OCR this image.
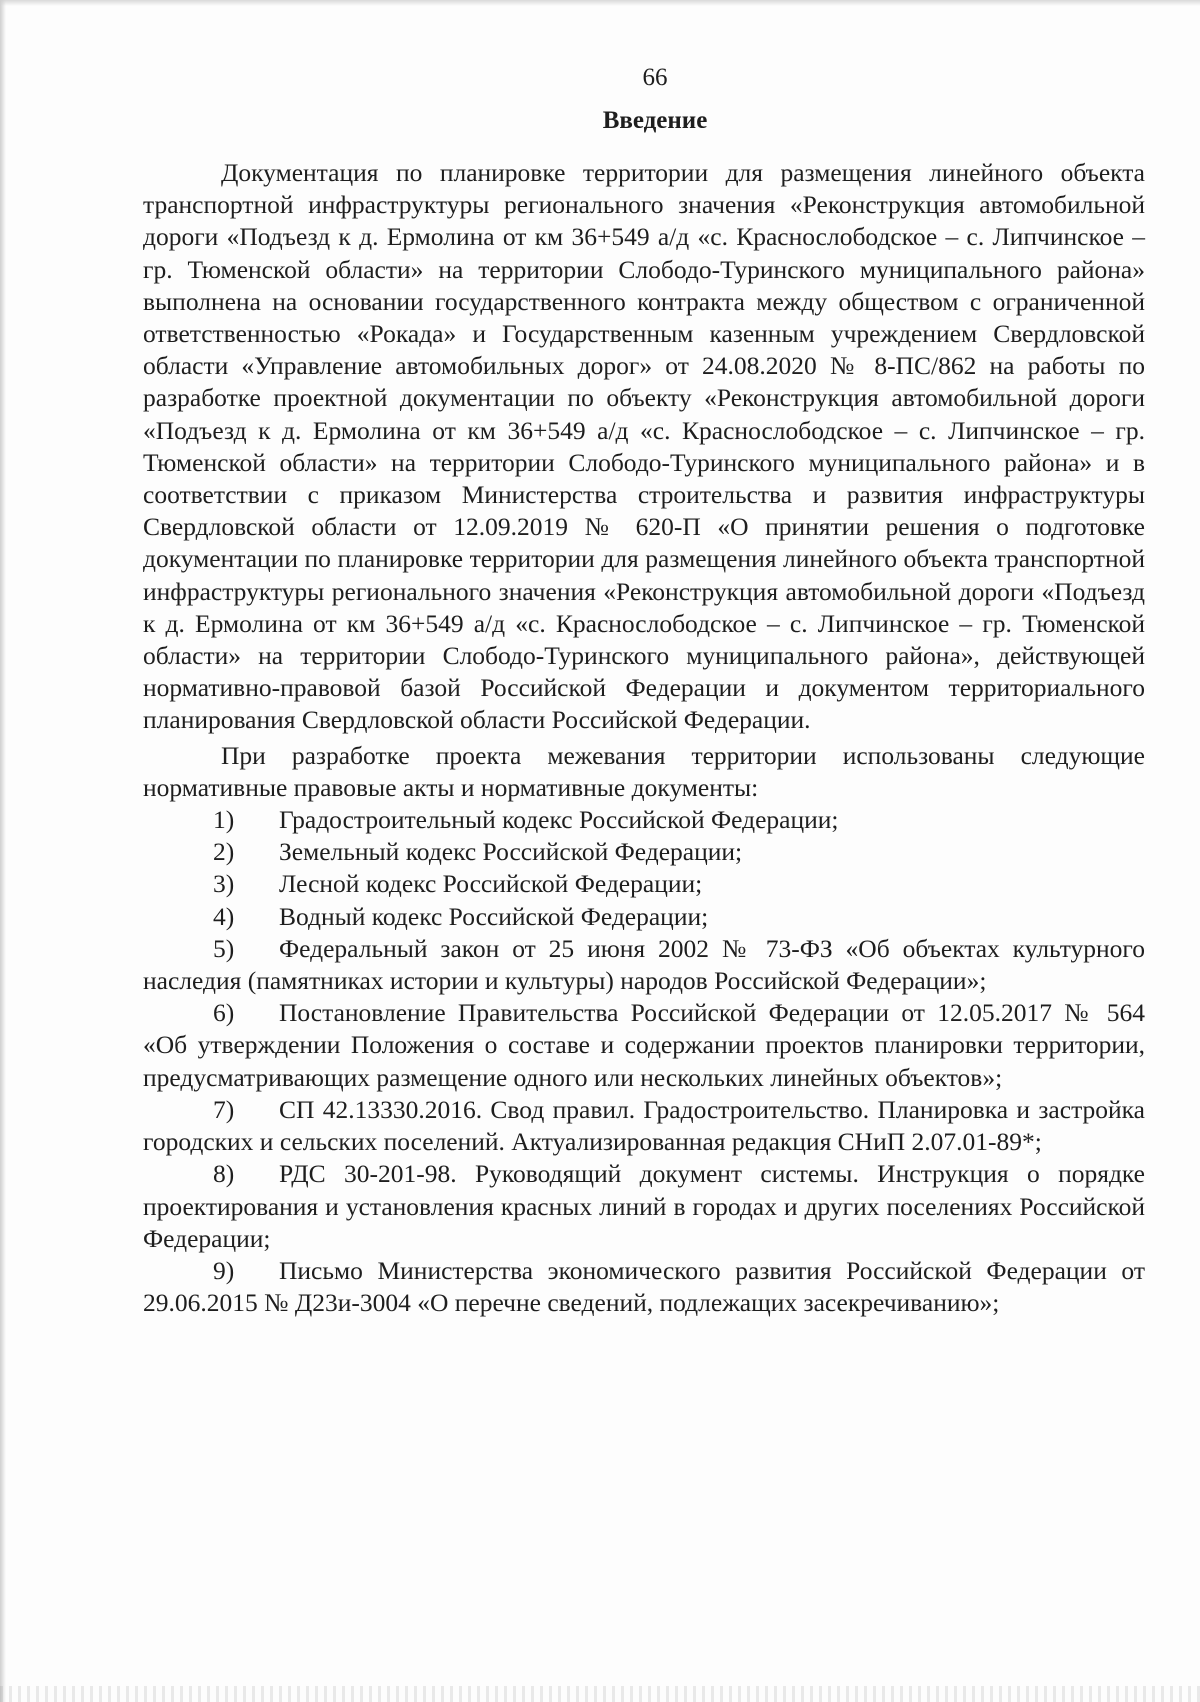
66
Введение

Документация по планировке территории для размещения линейного объекта транспортной инфраструктуры регионального значения «Реконструкция автомобильной дороги «Подъезд к д. Ермолина от км 36+549 а/д «с. Краснослободское – с. Липчинское – гр. Тюменской области» на территории Слободо-Туринского муниципального района» выполнена на основании государственного контракта между обществом с ограниченной ответственностью «Рокада» и Государственным казенным учреждением Свердловской области «Управление автомобильных дорог» от 24.08.2020 № 8-ПС/862 на работы по разработке проектной документации по объекту «Реконструкция автомобильной дороги «Подъезд к д. Ермолина от км 36+549 а/д «с. Краснослободское – с. Липчинское – гр. Тюменской области» на территории Слободо-Туринского муниципального района» и в соответствии с приказом Министерства строительства и развития инфраструктуры Свердловской области от 12.09.2019 № 620-П «О принятии решения о подготовке документации по планировке территории для размещения линейного объекта транспортной инфраструктуры регионального значения «Реконструкция автомобильной дороги «Подъезд к д. Ермолина от км 36+549 а/д «с. Краснослободское – с. Липчинское – гр. Тюменской области» на территории Слободо-Туринского муниципального района», действующей нормативно-правовой базой Российской Федерации и документом территориального планирования Свердловской области Российской Федерации.

При разработке проекта межевания территории использованы следующие нормативные правовые акты и нормативные документы:

1) Градостроительный кодекс Российской Федерации;
2) Земельный кодекс Российской Федерации;
3) Лесной кодекс Российской Федерации;
4) Водный кодекс Российской Федерации;
5) Федеральный закон от 25 июня 2002 № 73-ФЗ «Об объектах культурного наследия (памятниках истории и культуры) народов Российской Федерации»;
6) Постановление Правительства Российской Федерации от 12.05.2017 № 564 «Об утверждении Положения о составе и содержании проектов планировки территории, предусматривающих размещение одного или нескольких линейных объектов»;
7) СП 42.13330.2016. Свод правил. Градостроительство. Планировка и застройка городских и сельских поселений. Актуализированная редакция СНиП 2.07.01-89*;
8) РДС 30-201-98. Руководящий документ системы. Инструкция о порядке проектирования и установления красных линий в городах и других поселениях Российской Федерации;
9) Письмо Министерства экономического развития Российской Федерации от 29.06.2015 № Д23и-3004 «О перечне сведений, подлежащих засекречиванию»;
